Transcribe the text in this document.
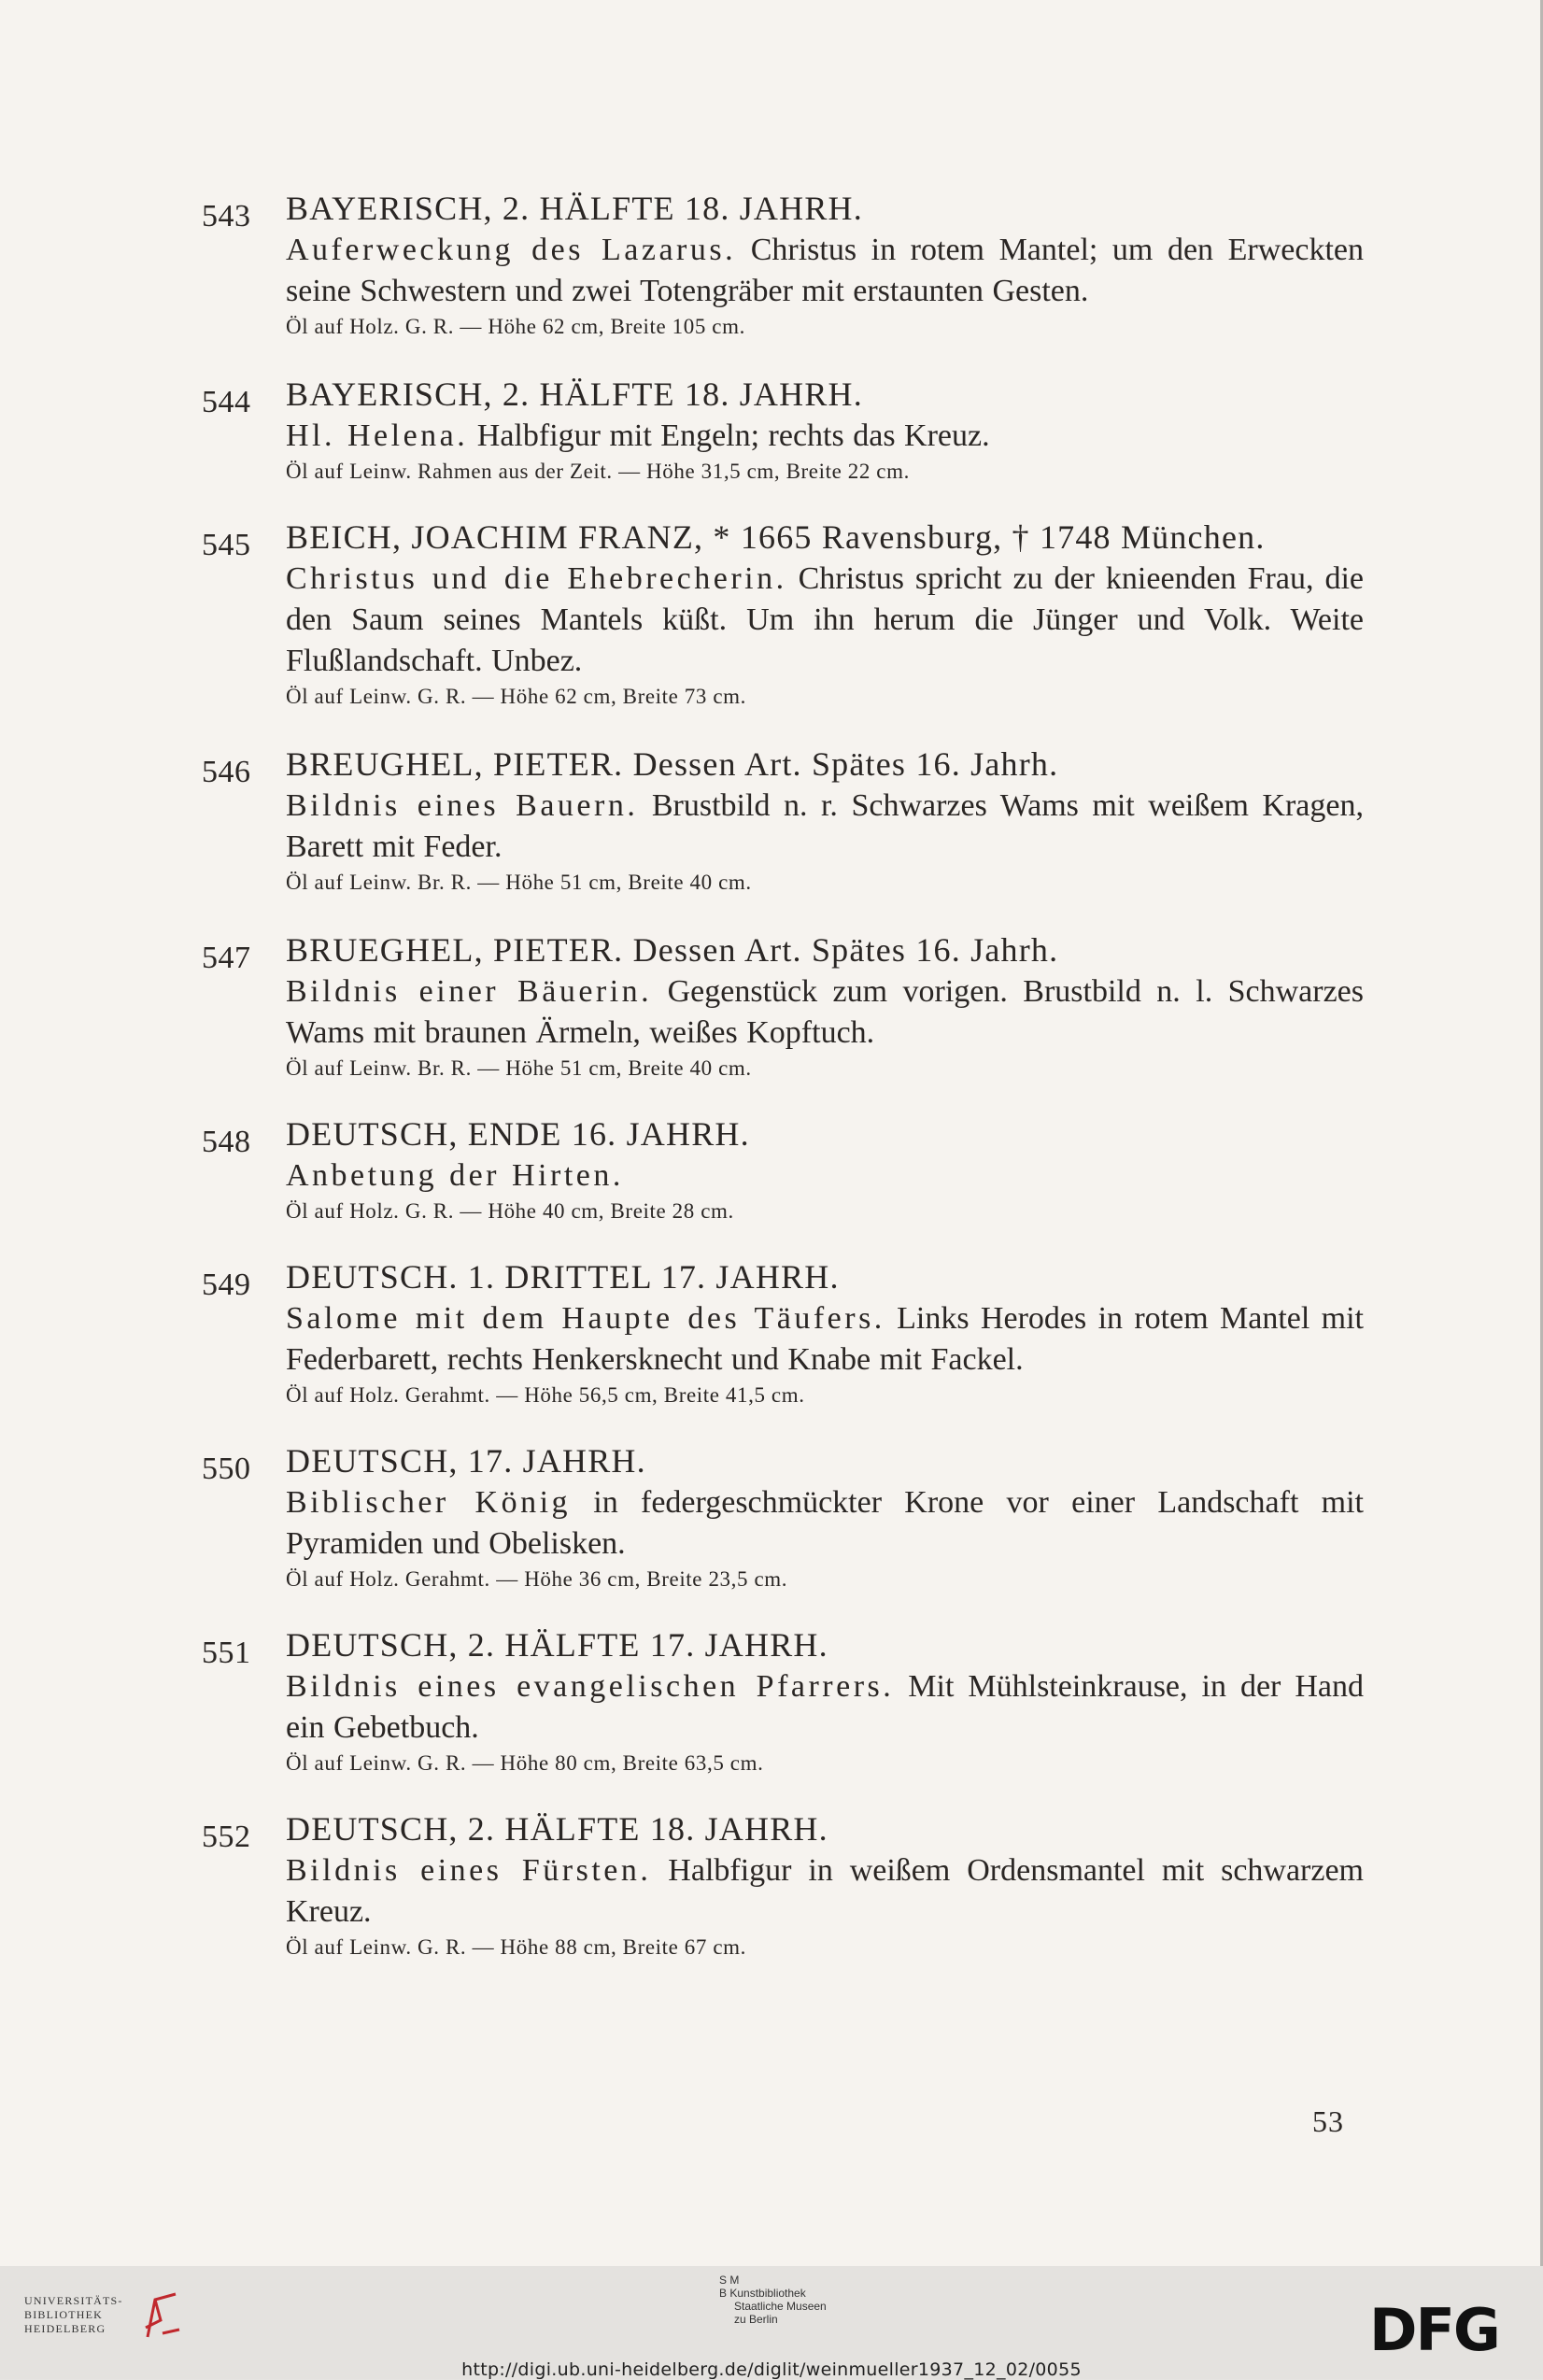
543 BAYERISCH, 2. HÄLFTE 18. JAHRH.
Auferweckung des Lazarus. Christus in rotem Mantel; um den Erweckten seine Schwestern und zwei Totengräber mit erstaunten Gesten.
Öl auf Holz. G. R. — Höhe 62 cm, Breite 105 cm.
544 BAYERISCH, 2. HÄLFTE 18. JAHRH.
Hl. Helena. Halbfigur mit Engeln; rechts das Kreuz.
Öl auf Leinw. Rahmen aus der Zeit. — Höhe 31,5 cm, Breite 22 cm.
545 BEICH, JOACHIM FRANZ, * 1665 Ravensburg, † 1748 München.
Christus und die Ehebrecherin. Christus spricht zu der knieenden Frau, die den Saum seines Mantels küßt. Um ihn herum die Jünger und Volk. Weite Flußlandschaft. Unbez.
Öl auf Leinw. G. R. — Höhe 62 cm, Breite 73 cm.
546 BREUGHEL, PIETER. Dessen Art. Spätes 16. Jahrh.
Bildnis eines Bauern. Brustbild n. r. Schwarzes Wams mit weißem Kragen, Barett mit Feder.
Öl auf Leinw. Br. R. — Höhe 51 cm, Breite 40 cm.
547 BRUEGHEL, PIETER. Dessen Art. Spätes 16. Jahrh.
Bildnis einer Bäuerin. Gegenstück zum vorigen. Brustbild n. l. Schwarzes Wams mit braunen Ärmeln, weißes Kopftuch.
Öl auf Leinw. Br. R. — Höhe 51 cm, Breite 40 cm.
548 DEUTSCH, ENDE 16. JAHRH.
Anbetung der Hirten.
Öl auf Holz. G. R. — Höhe 40 cm, Breite 28 cm.
549 DEUTSCH. 1. DRITTEL 17. JAHRH.
Salome mit dem Haupte des Täufers. Links Herodes in rotem Mantel mit Federbarett, rechts Henkersknecht und Knabe mit Fackel.
Öl auf Holz. Gerahmt. — Höhe 56,5 cm, Breite 41,5 cm.
550 DEUTSCH, 17. JAHRH.
Biblischer König in federgeschmückter Krone vor einer Landschaft mit Pyramiden und Obelisken.
Öl auf Holz. Gerahmt. — Höhe 36 cm, Breite 23,5 cm.
551 DEUTSCH, 2. HÄLFTE 17. JAHRH.
Bildnis eines evangelischen Pfarrers. Mit Mühlsteinkrause, in der Hand ein Gebetbuch.
Öl auf Leinw. G. R. — Höhe 80 cm, Breite 63,5 cm.
552 DEUTSCH, 2. HÄLFTE 18. JAHRH.
Bildnis eines Fürsten. Halbfigur in weißem Ordensmantel mit schwarzem Kreuz.
Öl auf Leinw. G. R. — Höhe 88 cm, Breite 67 cm.
53
UNIVERSITÄTS-
BIBLIOTHEK
HEIDELBERG
S M
B Kunstbibliothek
Staatliche Museen
zu Berlin	DFG
http://digi.ub.uni-heidelberg.de/diglit/weinmueller1937_12_02/0055
